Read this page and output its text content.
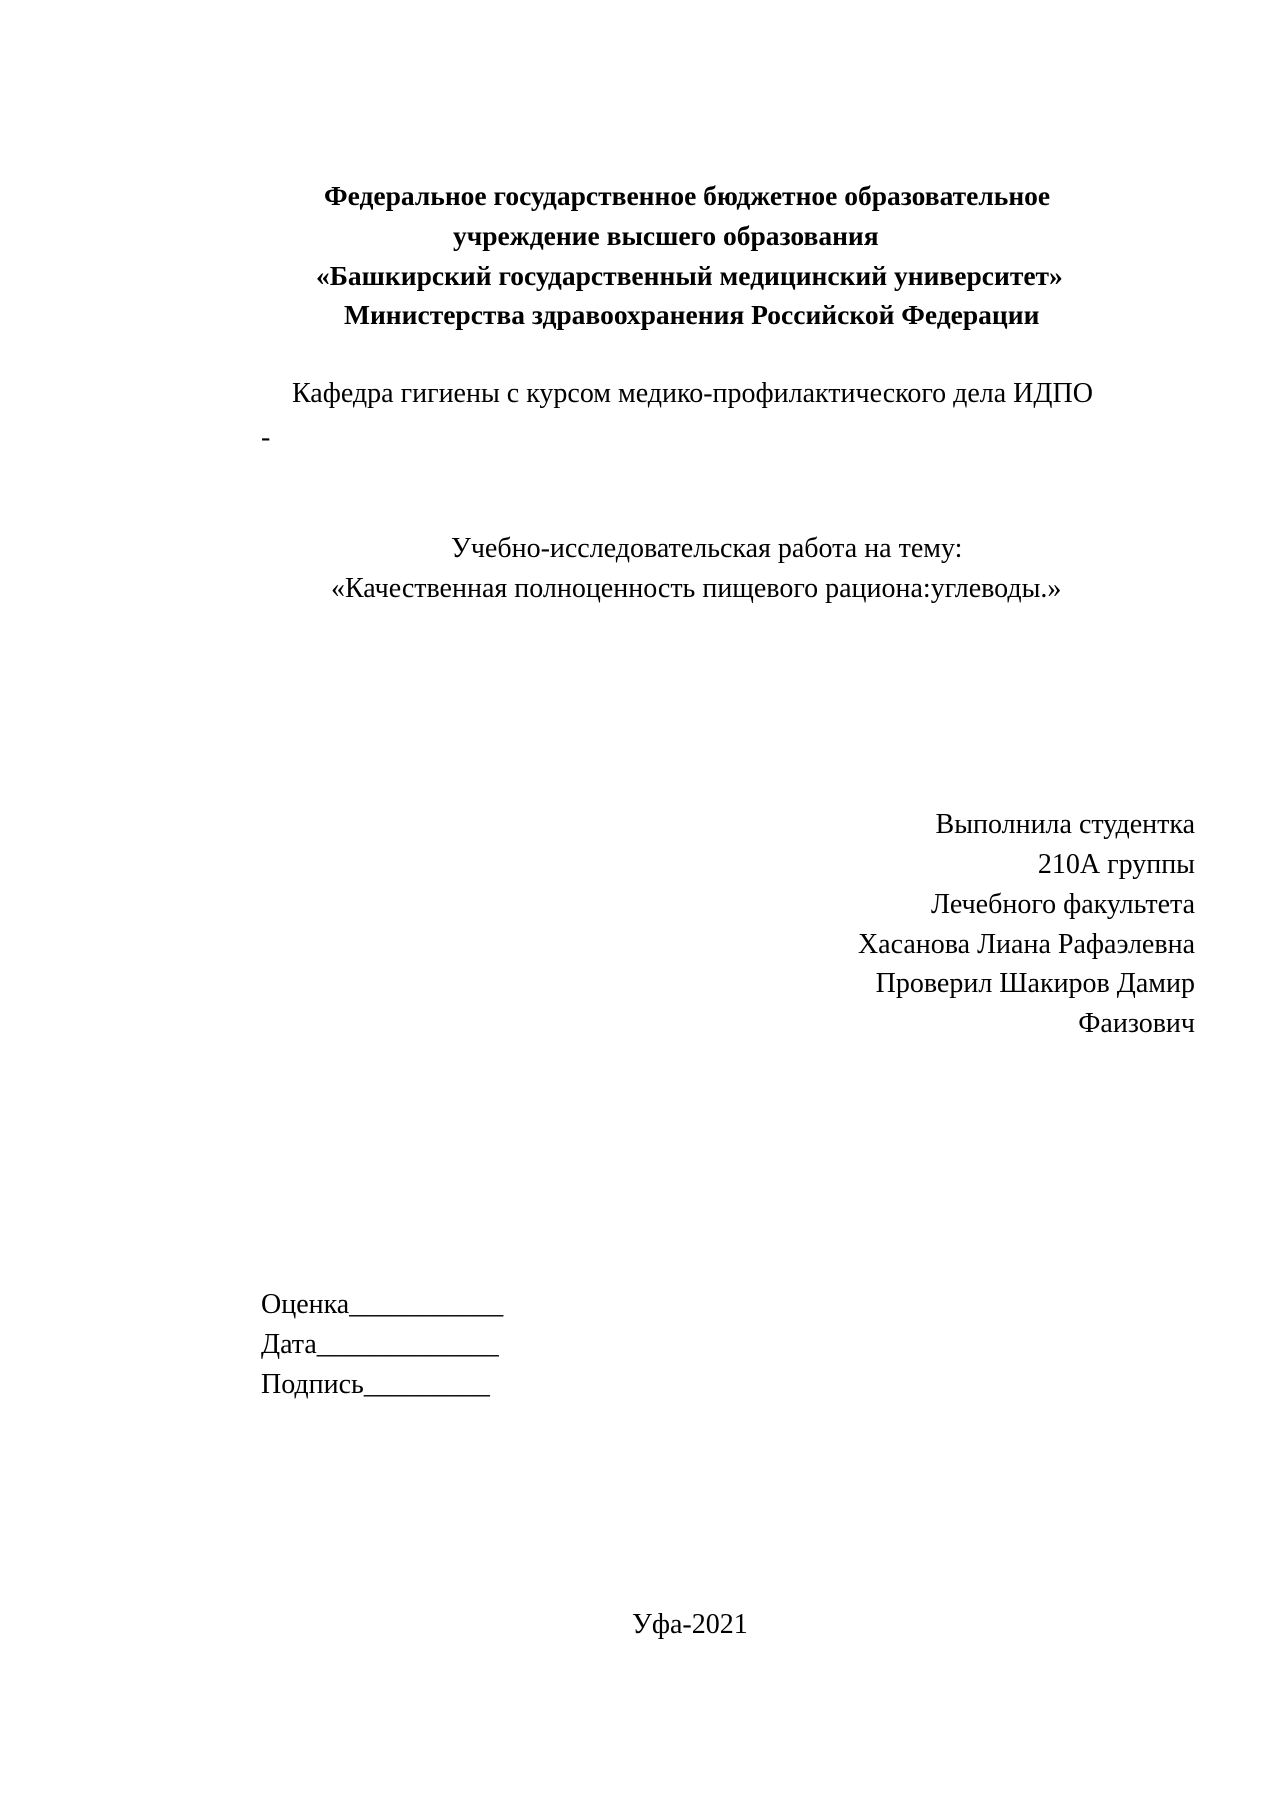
Федеральное государственное бюджетное образовательное
учреждение высшего образования
«Башкирский государственный медицинский университет»
Министерства здравоохранения Российской Федерации
Кафедра гигиены с курсом медико-профилактического дела ИДПО
-
Учебно-исследовательская работа на тему:
«Качественная полноценность пищевого рациона:углеводы.»
Выполнила студентка
210А группы
Лечебного факультета
Хасанова Лиана Рафаэлевна
Проверил Шакиров Дамир
Фаизович
Оценка___________
Дата_____________
Подпись_________
Уфа-2021
